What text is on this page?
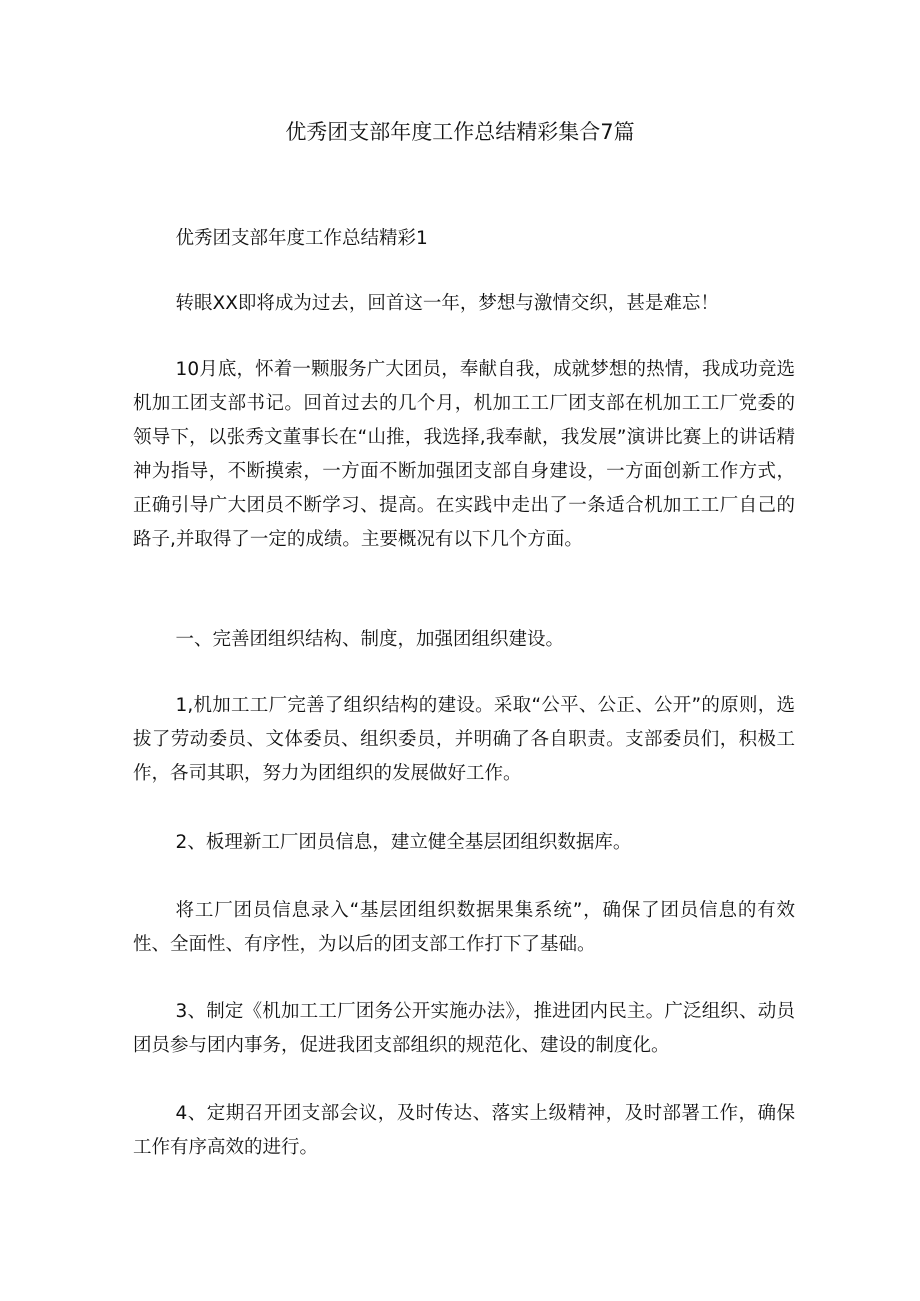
优秀团支部年度工作总结精彩集合7篇

优秀团支部年度工作总结精彩1

转眼XX即将成为过去，回首这一年，梦想与激情交织，甚是难忘！

10月底，怀着一颗服务广大团员，奉献自我，成就梦想的热情，我成功竞选机加工团支部书记。回首过去的几个月，机加工工厂团支部在机加工工厂党委的领导下，以张秀文董事长在“山推，我选择,我奉献，我发展”演讲比赛上的讲话精神为指导，不断摸索，一方面不断加强团支部自身建设，一方面创新工作方式，正确引导广大团员不断学习、提高。在实践中走出了一条适合机加工工厂自己的路子,并取得了一定的成绩。主要概况有以下几个方面。

一、完善团组织结构、制度，加强团组织建设。

1,机加工工厂完善了组织结构的建设。采取“公平、公正、公开”的原则，选拔了劳动委员、文体委员、组织委员，并明确了各自职责。支部委员们，积极工作，各司其职，努力为团组织的发展做好工作。

2、板理新工厂团员信息，建立健全基层团组织数据库。

将工厂团员信息录入“基层团组织数据果集系统”，确保了团员信息的有效性、全面性、有序性，为以后的团支部工作打下了基础。

3、制定《机加工工厂团务公开实施办法》，推进团内民主。广泛组织、动员团员参与团内事务，促进我团支部组织的规范化、建设的制度化。

4、定期召开团支部会议，及时传达、落实上级精神，及时部署工作，确保工作有序高效的进行。
